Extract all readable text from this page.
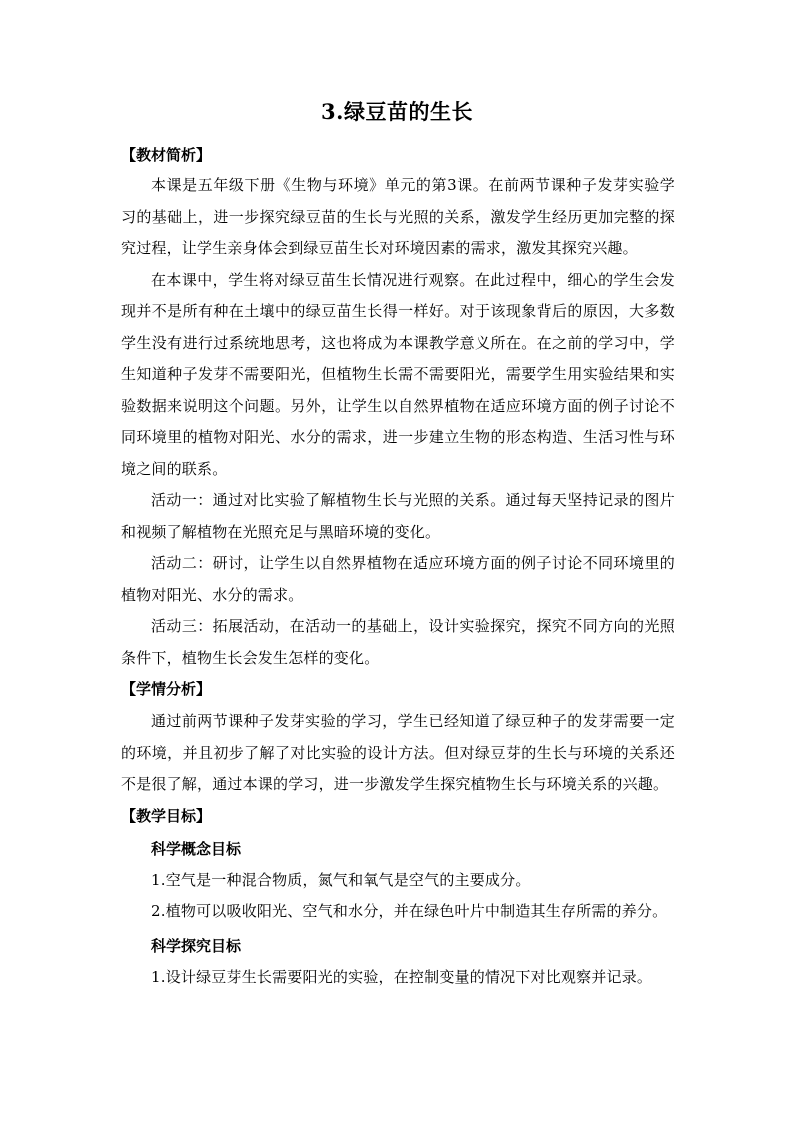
3.绿豆苗的生长
【教材简析】

本课是五年级下册《生物与环境》单元的第3课。在前两节课种子发芽实验学习的基础上，进一步探究绿豆苗的生长与光照的关系，激发学生经历更加完整的探究过程，让学生亲身体会到绿豆苗生长对环境因素的需求，激发其探究兴趣。

在本课中，学生将对绿豆苗生长情况进行观察。在此过程中，细心的学生会发现并不是所有种在土壤中的绿豆苗生长得一样好。对于该现象背后的原因，大多数学生没有进行过系统地思考，这也将成为本课教学意义所在。在之前的学习中，学生知道种子发芽不需要阳光，但植物生长需不需要阳光，需要学生用实验结果和实验数据来说明这个问题。另外，让学生以自然界植物在适应环境方面的例子讨论不同环境里的植物对阳光、水分的需求，进一步建立生物的形态构造、生活习性与环境之间的联系。

活动一：通过对比实验了解植物生长与光照的关系。通过每天坚持记录的图片和视频了解植物在光照充足与黑暗环境的变化。

活动二：研讨，让学生以自然界植物在适应环境方面的例子讨论不同环境里的植物对阳光、水分的需求。

活动三：拓展活动，在活动一的基础上，设计实验探究，探究不同方向的光照条件下，植物生长会发生怎样的变化。

【学情分析】

通过前两节课种子发芽实验的学习，学生已经知道了绿豆种子的发芽需要一定的环境，并且初步了解了对比实验的设计方法。但对绿豆芽的生长与环境的关系还不是很了解，通过本课的学习，进一步激发学生探究植物生长与环境关系的兴趣。

【教学目标】
科学概念目标

1.空气是一种混合物质，氮气和氧气是空气的主要成分。

2.植物可以吸收阳光、空气和水分，并在绿色叶片中制造其生存所需的养分。

科学探究目标

1.设计绿豆芽生长需要阳光的实验，在控制变量的情况下对比观察并记录。
